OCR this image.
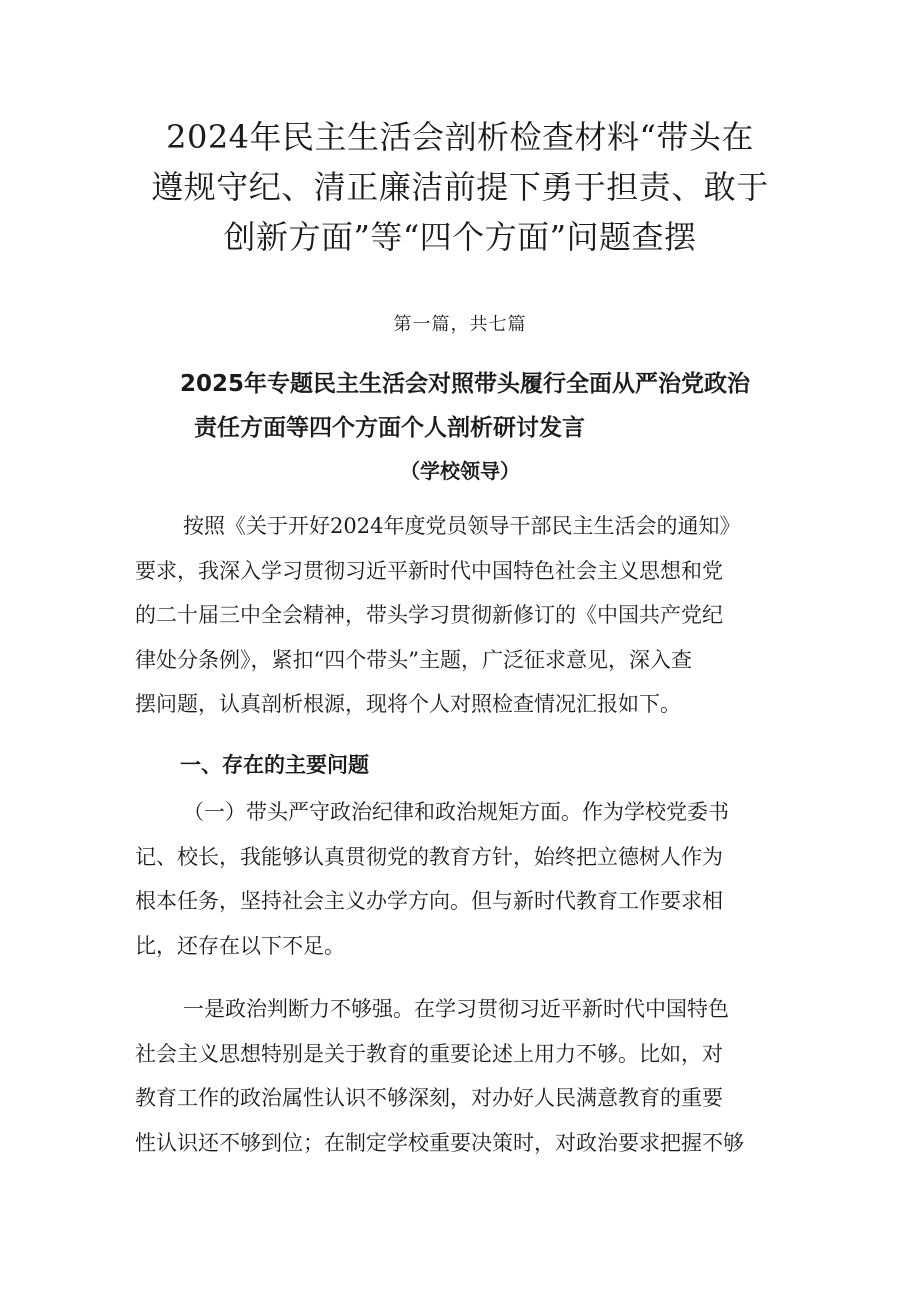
2024年民主生活会剖析检查材料“带头在
遵规守纪、清正廉洁前提下勇于担责、敢于
创新方面”等“四个方面”问题查摆
第一篇，共七篇
2025年专题民主生活会对照带头履行全面从严治党政治
责任方面等四个方面个人剖析研讨发言
（学校领导）
按照《关于开好2024年度党员领导干部民主生活会的通知》
要求，我深入学习贯彻习近平新时代中国特色社会主义思想和党
的二十届三中全会精神，带头学习贯彻新修订的《中国共产党纪
律处分条例》，紧扣“四个带头”主题，广泛征求意见，深入查
摆问题，认真剖析根源，现将个人对照检查情况汇报如下。
一、存在的主要问题
（一）带头严守政治纪律和政治规矩方面。作为学校党委书
记、校长，我能够认真贯彻党的教育方针，始终把立德树人作为
根本任务，坚持社会主义办学方向。但与新时代教育工作要求相
比，还存在以下不足。
一是政治判断力不够强。在学习贯彻习近平新时代中国特色
社会主义思想特别是关于教育的重要论述上用力不够。比如，对
教育工作的政治属性认识不够深刻，对办好人民满意教育的重要
性认识还不够到位；在制定学校重要决策时，对政治要求把握不够
